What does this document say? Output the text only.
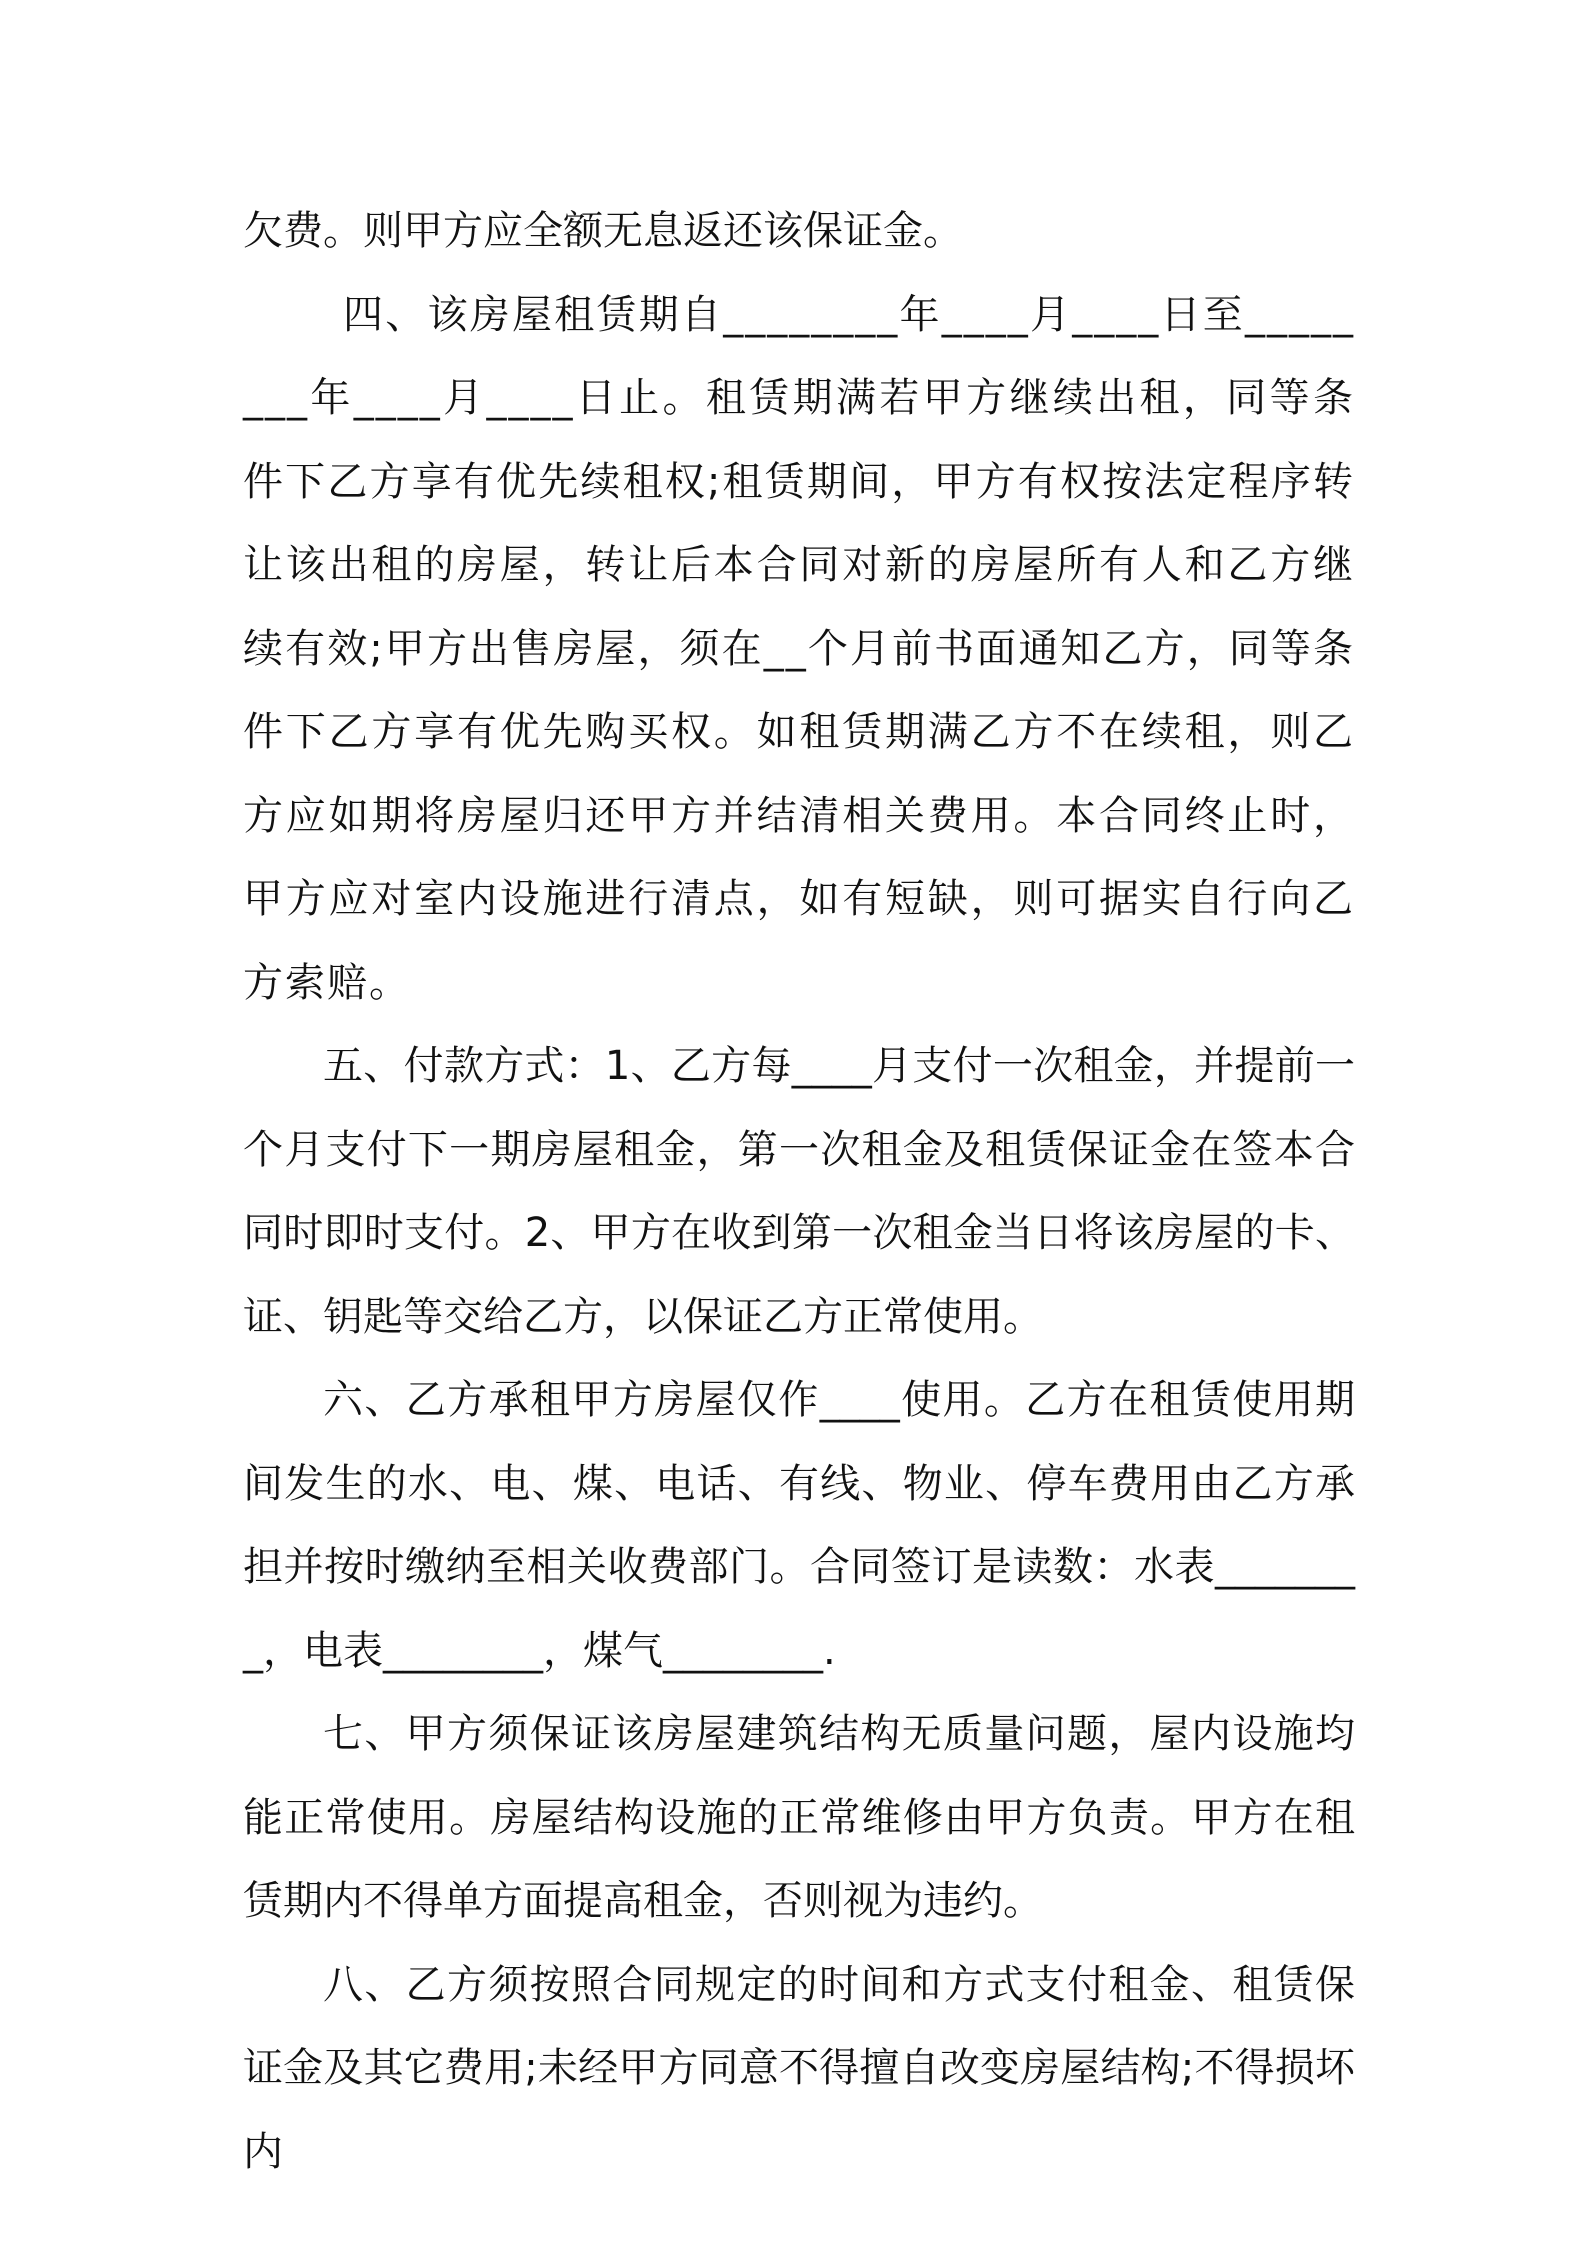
欠费。则甲方应全额无息返还该保证金。

四、该房屋租赁期自________年____月____日至________年____月____日止。租赁期满若甲方继续出租，同等条件下乙方享有优先续租权;租赁期间，甲方有权按法定程序转让该出租的房屋，转让后本合同对新的房屋所有人和乙方继续有效;甲方出售房屋，须在__个月前书面通知乙方，同等条件下乙方享有优先购买权。如租赁期满乙方不在续租，则乙方应如期将房屋归还甲方并结清相关费用。本合同终止时，甲方应对室内设施进行清点，如有短缺，则可据实自行向乙方索赔。

五、付款方式：1、乙方每____月支付一次租金，并提前一个月支付下一期房屋租金，第一次租金及租赁保证金在签本合同时即时支付。2、甲方在收到第一次租金当日将该房屋的卡、证、钥匙等交给乙方，以保证乙方正常使用。

六、乙方承租甲方房屋仅作____使用。乙方在租赁使用期间发生的水、电、煤、电话、有线、物业、停车费用由乙方承担并按时缴纳至相关收费部门。合同签订是读数：水表________，电表________，煤气________.

七、甲方须保证该房屋建筑结构无质量问题，屋内设施均能正常使用。房屋结构设施的正常维修由甲方负责。甲方在租赁期内不得单方面提高租金，否则视为违约。

八、乙方须按照合同规定的时间和方式支付租金、租赁保证金及其它费用;未经甲方同意不得擅自改变房屋结构;不得损坏内
